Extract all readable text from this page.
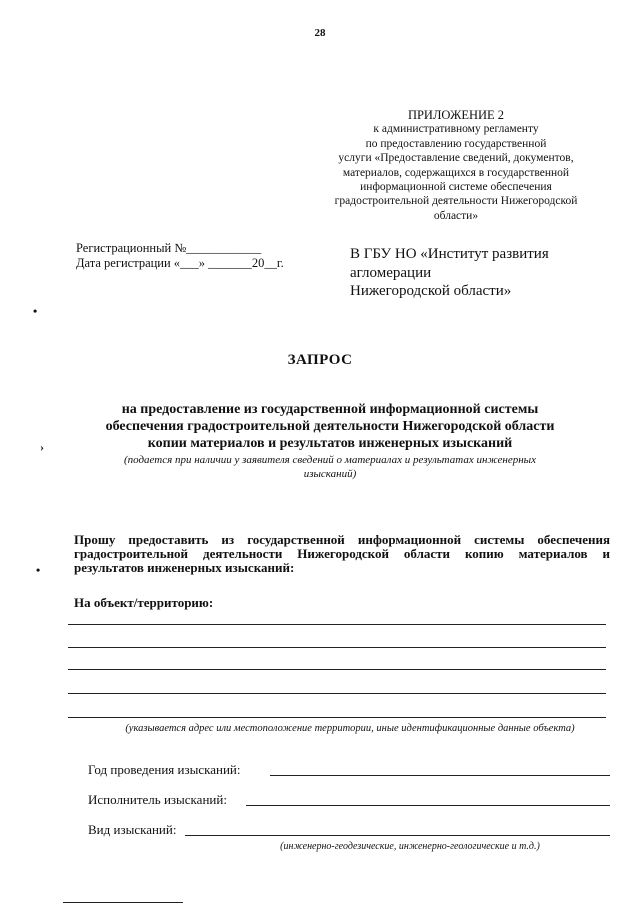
28
ПРИЛОЖЕНИЕ 2
к административному регламенту
по предоставлению государственной
услуги «Предоставление сведений, документов,
материалов, содержащихся в государственной
информационной системе обеспечения
градостроительной деятельности Нижегородской
области»
Регистрационный №____________
Дата регистрации «___» _______20__г.
В ГБУ НО «Институт развития
агломерации
Нижегородской области»
•
›
•
ЗАПРОС
на предоставление из государственной информационной системы
обеспечения градостроительной деятельности Нижегородской области
копии материалов и результатов инженерных изысканий
(подается при наличии у заявителя сведений о материалах и результатах инженерных
изысканий)
Прошу предоставить из государственной информационной системы обеспечения градостроительной деятельности Нижегородской области копию материалов и результатов инженерных изысканий:
На объект/территорию:
(указывается адрес или местоположение территории, иные идентификационные данные объекта)
Год проведения изысканий:
Исполнитель изысканий:
Вид изысканий:
(инженерно-геодезические, инженерно-геологические и т.д.)
